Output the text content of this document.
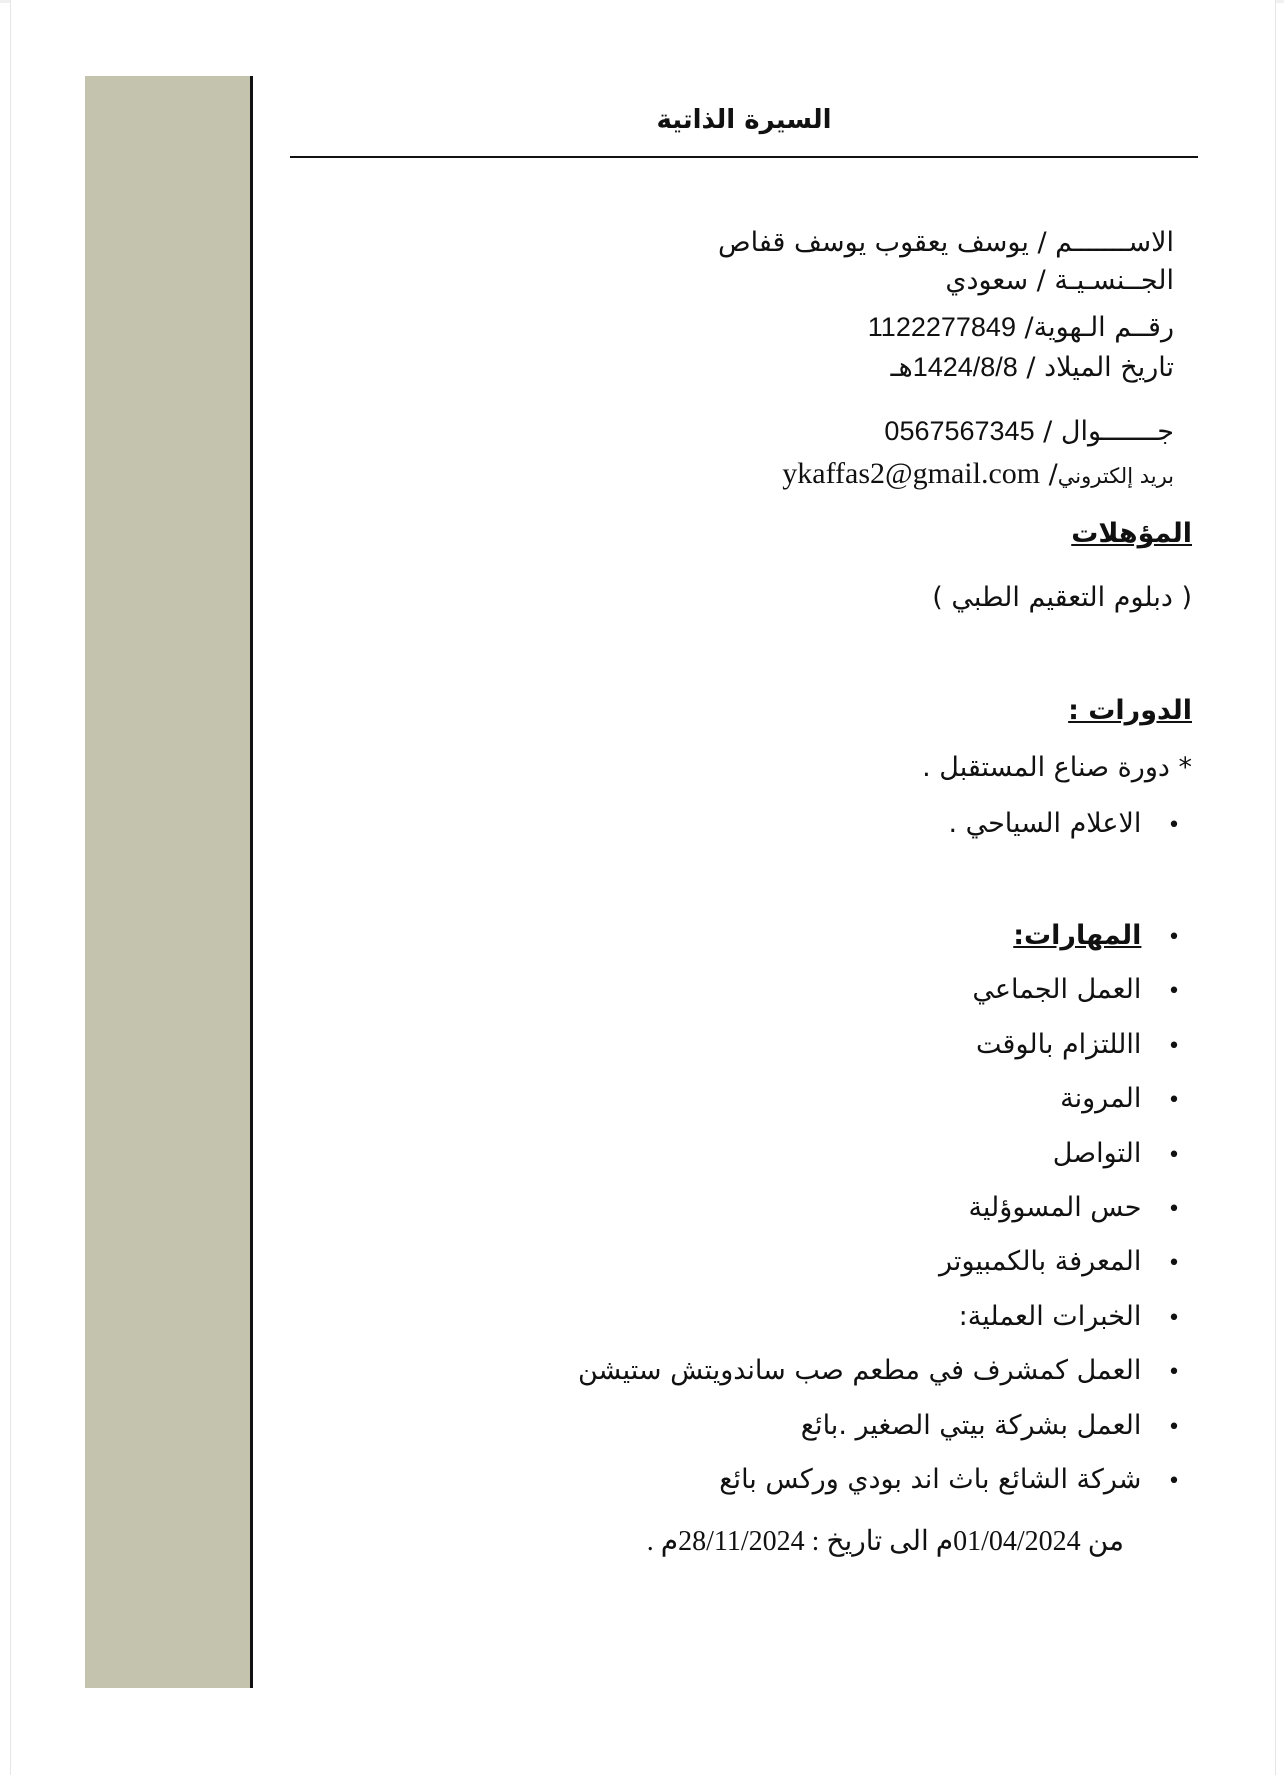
السيرة الذاتية
الاســـــــم / يوسف يعقوب يوسف قفاص
الجــنسـيـة / سعودي
رقــم الـهوية/ 1122277849
تاريخ الميلاد / 1424/8/8هـ
جـــــــوال / 0567567345
بريد إلكتروني/ ykaffas2@gmail.com
المؤهلات
( دبلوم التعقيم الطبي )
الدورات :
* دورة صناع المستقبل .
• الاعلام السياحي .
• المهارات:
• العمل الجماعي
• االلتزام بالوقت
• المرونة
• التواصل
• حس المسوؤلية
• المعرفة بالكمبيوتر
• الخبرات العملية:
• العمل كمشرف في مطعم صب ساندويتش ستيشن
• العمل بشركة بيتي الصغير .بائع
• شركة الشائع باث اند بودي وركس بائع
من 01/04/2024م الى تاريخ : 28/11/2024م .
